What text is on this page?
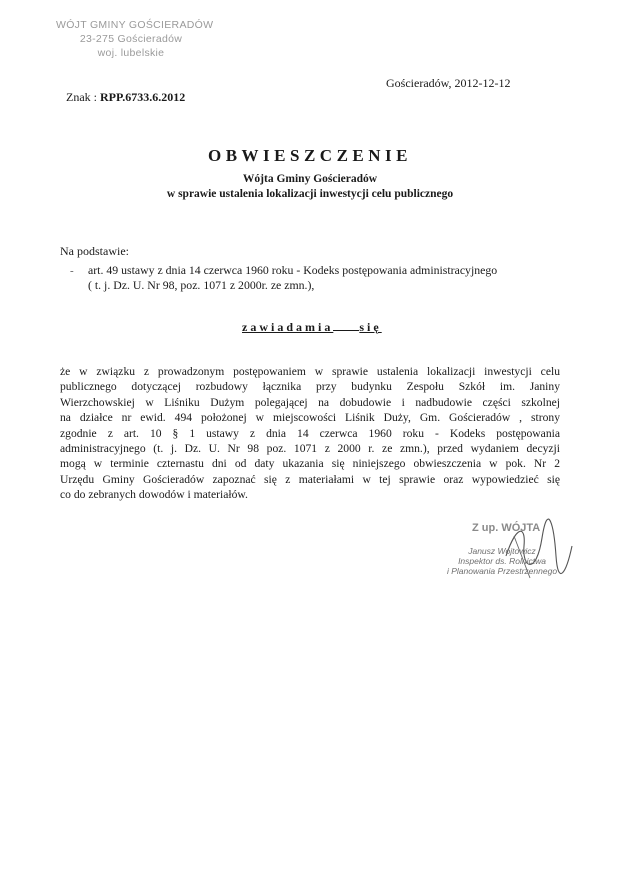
WÓJT GMINY GOŚCIERADÓW
23-275 Gościeradów
woj. lubelskie
Gościeradów, 2012-12-12
Znak : RPP.6733.6.2012
OBWIESZCZENIE
Wójta Gminy Gościeradów
w sprawie ustalenia lokalizacji inwestycji celu publicznego
Na podstawie:
- art. 49 ustawy z dnia 14 czerwca 1960 roku - Kodeks postępowania administracyjnego
( t. j. Dz. U. Nr 98, poz. 1071 z 2000r. ze zmn.),
zawiadamia się
że w związku z prowadzonym postępowaniem w sprawie ustalenia lokalizacji inwestycji celu
publicznego dotyczącej rozbudowy łącznika przy budynku Zespołu Szkół im. Janiny
Wierzchowskiej w Liśniku Dużym polegającej na dobudowie i nadbudowie części szkolnej
na działce nr ewid. 494 położonej w miejscowości Liśnik Duży, Gm. Gościeradów , strony
zgodnie z art. 10 § 1 ustawy z dnia 14 czerwca 1960 roku - Kodeks postępowania
administracyjnego (t. j. Dz. U. Nr 98 poz. 1071 z 2000 r. ze zmn.), przed wydaniem decyzji
mogą w terminie czternastu dni od daty ukazania się niniejszego obwieszczenia w pok. Nr 2
Urzędu Gminy Gościeradów zapoznać się z materiałami w tej sprawie oraz wypowiedzieć się
co do zebranych dowodów i materiałów.
Z up. WÓJTA
Janusz Wójtowicz
Inspektor ds. Rolnictwa
i Planowania Przestrzennego
